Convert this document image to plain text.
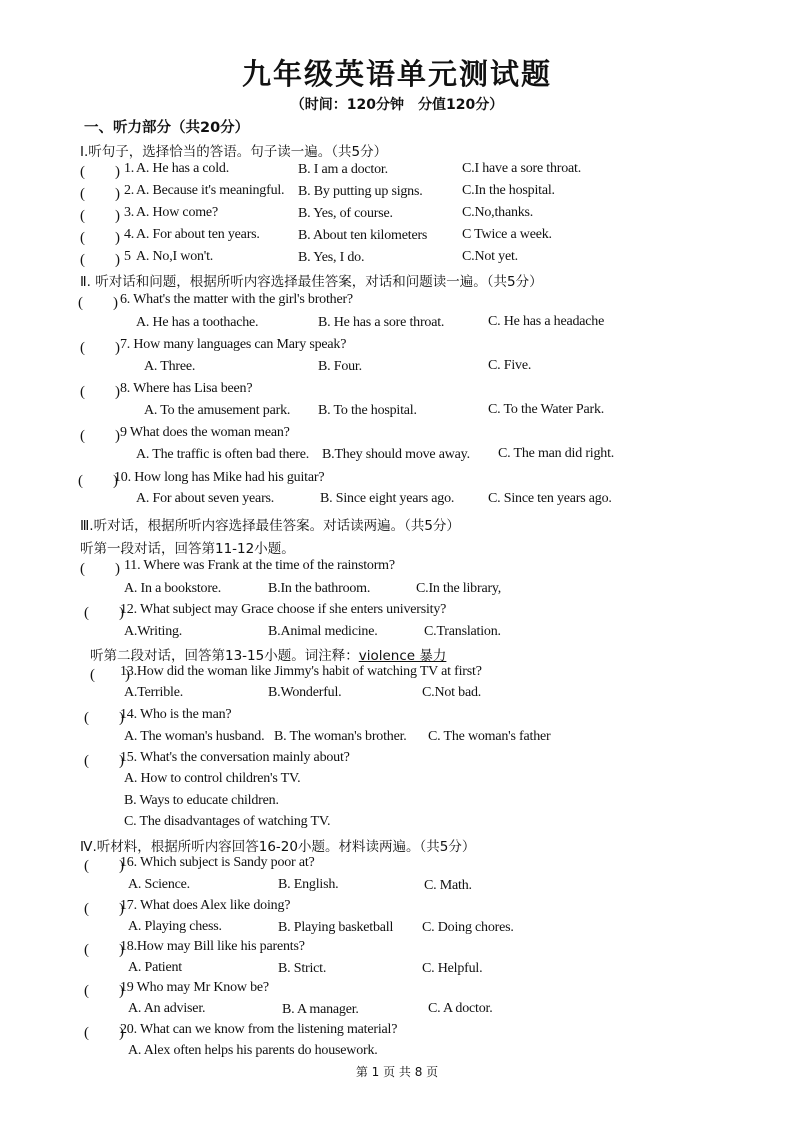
九年级英语单元测试题
（时间：120分钟　分值120分）
一、听力部分（共20分）
Ⅰ.听句子，选择恰当的答语。句子读一遍。（共5分）
(　　) 1. A. He has a cold.	B. I am a doctor.	C.I have a sore throat.
(　　) 2. A. Because it's meaningful. B. By putting up signs.	C.In the hospital.
(　　) 3. A. How come?	B. Yes, of course.	C.No,thanks.
(　　) 4. A. For about ten years.	B. About ten kilometers C Twice a week.
(　　) 5 A. No,I won't.	B. Yes, I do.	C.Not yet.
Ⅱ. 听对话和问题，根据所听内容选择最佳答案，对话和问题读一遍。（共5分）
(　　) 6. What's the matter with the girl's brother?
A. He has a toothache.	B. He has a sore throat.	C. He has a headache
(　　) 7. How many languages can Mary speak?
A. Three.	B. Four.	C. Five.
(　　) 8. Where has Lisa been?
A. To the amusement park. B. To the hospital.	C. To the Water Park.
(　　) 9 What does the woman mean?
A. The traffic is often bad there. B.They should move away. C. The man did right.
(　　)
10. How long has Mike had his guitar?
A. For about seven years.	B. Since eight years ago. C. Since ten years ago.
Ⅲ.听对话，根据所听内容选择最佳答案。对话读两遍。（共5分）
听第一段对话，回答第11-12小题。
(　　) 11. Where was Frank at the time of the rainstorm?
A. In a bookstore.	B.In the bathroom.	C.In the library,
(　　)
12. What subject may Grace choose if she enters university?
A.Writing.	B.Animal medicine.	C.Translation.
听第二段对话，回答第13-15小题。词注释：violence 暴力
(　　)
13.How did the woman like Jimmy's habit of watching TV at first?
A.Terrible.	B.Wonderful.	C.Not bad.
(　　)
14. Who is the man?
A. The woman's husband. B. The woman's brother. C. The woman's father
(　　)
15. What's the conversation mainly about?
A. How to control children's TV.
B. Ways to educate children.
C. The disadvantages of watching TV.
Ⅳ.听材料，根据所听内容回答16-20小题。材料读两遍。（共5分）
(　　)
16. Which subject is Sandy poor at?
A. Science.	B. English.	C. Math.
(　　)
17. What does Alex like doing?
A. Playing chess.	B. Playing basketball C. Doing chores.
(　　)
18.How may Bill like his parents?
A. Patient	B. Strict.	C. Helpful.
(　　)
19 Who may Mr Know be?
A. An adviser.	B. A manager.	C. A doctor.
(　　)
20. What can we know from the listening material?
A. Alex often helps his parents do housework.
第 1 页 共 8 页
